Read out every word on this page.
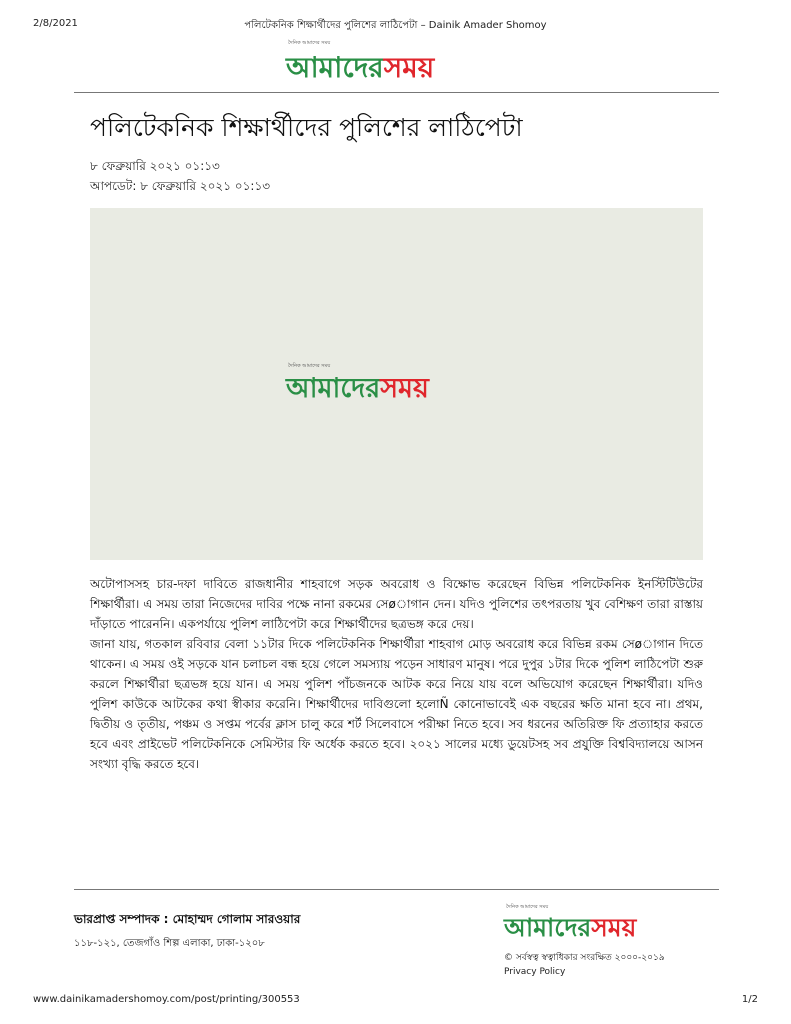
2/8/2021	পলিটেকনিক শিক্ষার্থীদের পুলিশের লাঠিপেটা – Dainik Amader Shomoy
দৈনিক আমাদের সময়
আমাদেরসময়
পলিটেকনিক শিক্ষার্থীদের পুলিশের লাঠিপেটা
৮ ফেব্রুয়ারি ২০২১ ০১:১৩
আপডেট: ৮ ফেব্রুয়ারি ২০২১ ০১:১৩
দৈনিক আমাদের সময়
আমাদেরসময়

অটোপাসসহ চার-দফা দাবিতে রাজধানীর শাহবাগে সড়ক অবরোধ ও বিক্ষোভ করেছেন বিভিন্ন পলিটেকনিক ইনস্টিটিউটের শিক্ষার্থীরা। এ সময় তারা নিজেদের দাবির পক্ষে নানা রকমের সেøাগান দেন। যদিও পুলিশের তৎপরতায় খুব বেশিক্ষণ তারা রাস্তায় দাঁড়াতে পারেননি। একপর্যায়ে পুলিশ লাঠিপেটা করে শিক্ষার্থীদের ছত্রভঙ্গ করে দেয়।

জানা যায়, গতকাল রবিবার বেলা ১১টার দিকে পলিটেকনিক শিক্ষার্থীরা শাহবাগ মোড় অবরোধ করে বিভিন্ন রকম সেøাগান দিতে থাকেন। এ সময় ওই সড়কে যান চলাচল বন্ধ হয়ে গেলে সমস্যায় পড়েন সাধারণ মানুষ। পরে দুপুর ১টার দিকে পুলিশ লাঠিপেটা শুরু করলে শিক্ষার্থীরা ছত্রভঙ্গ হয়ে যান। এ সময় পুলিশ পাঁচজনকে আটক করে নিয়ে যায় বলে অভিযোগ করেছেন শিক্ষার্থীরা। যদিও পুলিশ কাউকে আটকের কথা স্বীকার করেনি। শিক্ষার্থীদের দাবিগুলো হলোÑ কোনোভাবেই এক বছরের ক্ষতি মানা হবে না। প্রথম, দ্বিতীয় ও তৃতীয়, পঞ্চম ও সপ্তম পর্বের ক্লাস চালু করে শর্ট সিলেবাসে পরীক্ষা নিতে হবে। সব ধরনের অতিরিক্ত ফি প্রত্যাহার করতে হবে এবং প্রাইভেট পলিটেকনিকে সেমিস্টার ফি অর্ধেক করতে হবে। ২০২১ সালের মধ্যে ডুয়েটসহ সব প্রযুক্তি বিশ্ববিদ্যালয়ে আসন সংখ্যা বৃদ্ধি করতে হবে।

ভারপ্রাপ্ত সম্পাদক : মোহাম্মদ গোলাম সারওয়ার
১১৮-১২১, তেজগাঁও শিল্প এলাকা, ঢাকা-১২০৮
দৈনিক আমাদের সময়
আমাদেরসময়
© সর্বস্বত্ব স্বত্বাধিকার সংরক্ষিত ২০০০-২০১৯
Privacy Policy
www.dainikamadershomoy.com/post/printing/300553	1/2
